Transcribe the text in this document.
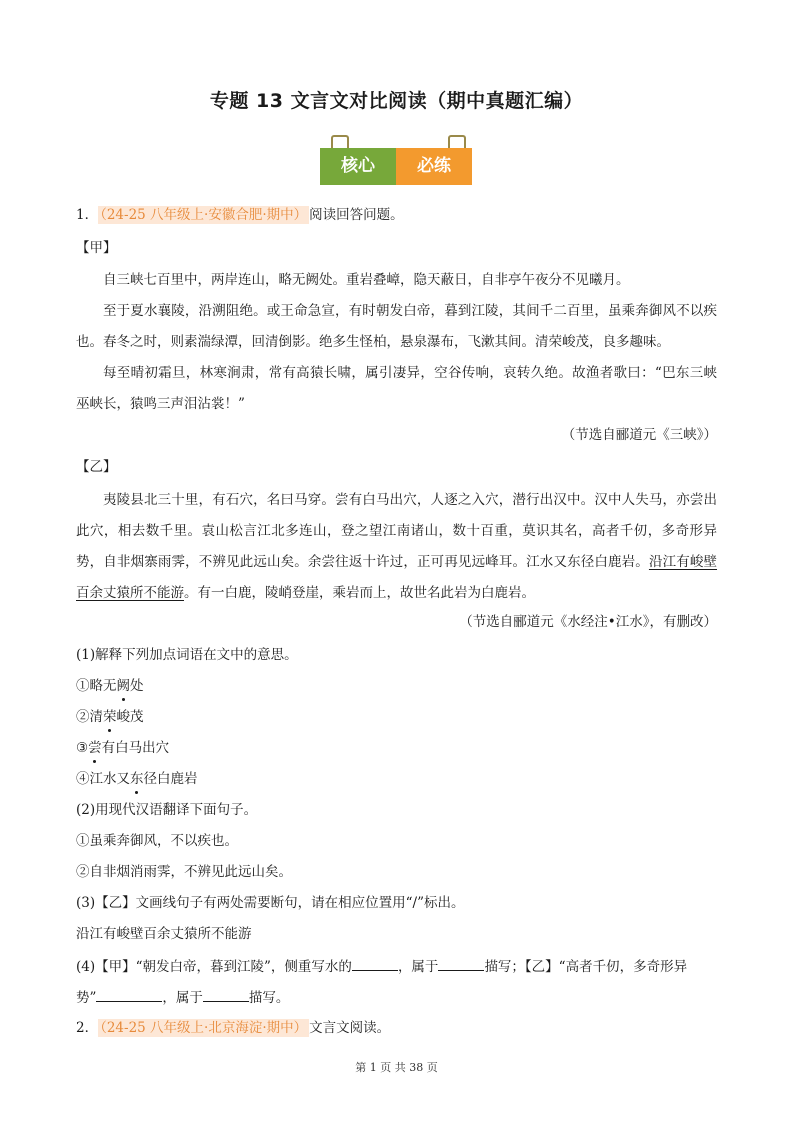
专题 13 文言文对比阅读（期中真题汇编）
核心	必练
1． （24-25 八年级上·安徽合肥·期中） 阅读回答问题。
【甲】
自三峡七百里中，两岸连山，略无阙处。重岩叠嶂，隐天蔽日，自非亭午夜分不见曦月。
至于夏水襄陵，沿溯阻绝。或王命急宣，有时朝发白帝，暮到江陵，其间千二百里，虽乘奔御风不以疾也。春冬之时，则素湍绿潭，回清倒影。绝多生怪柏，悬泉瀑布，飞漱其间。清荣峻茂，良多趣味。
每至晴初霜旦，林寒涧肃，常有高猿长啸，属引凄异，空谷传响，哀转久绝。故渔者歌曰：“巴东三峡巫峡长，猿鸣三声泪沾裳！”
（节选自郦道元《三峡》）
【乙】
夷陵县北三十里，有石穴，名曰马穿。尝有白马出穴，人逐之入穴，潜行出汉中。汉中人失马，亦尝出此穴，相去数千里。袁山松言江北多连山，登之望江南诸山，数十百重，莫识其名，高者千仞，多奇形异势，自非烟寨雨霁，不辨见此远山矣。余尝往返十许过，正可再见远峰耳。江水又东径白鹿岩。沿江有峻壁百余丈猿所不能游。有一白鹿，陵峭登崖，乘岩而上，故世名此岩为白鹿岩。
（节选自郦道元《水经注•江水》，有删改）
(1)解释下列加点词语在文中的意思。
①略无阙处
②清荣峻茂
③尝有白马出穴
④江水又东径白鹿岩
(2)用现代汉语翻译下面句子。
①虽乘奔御风，不以疾也。
②自非烟消雨霁，不辨见此远山矣。
(3)【乙】文画线句子有两处需要断句，请在相应位置用“/”标出。
沿江有峻壁百余丈猿所不能游
(4)【甲】“朝发白帝，暮到江陵”，侧重写水的	，属于	描写；【乙】“高者千仞，多奇形异
势”	，属于	描写。
2． （24-25 八年级上·北京海淀·期中） 文言文阅读。
第 1 页 共 38 页
